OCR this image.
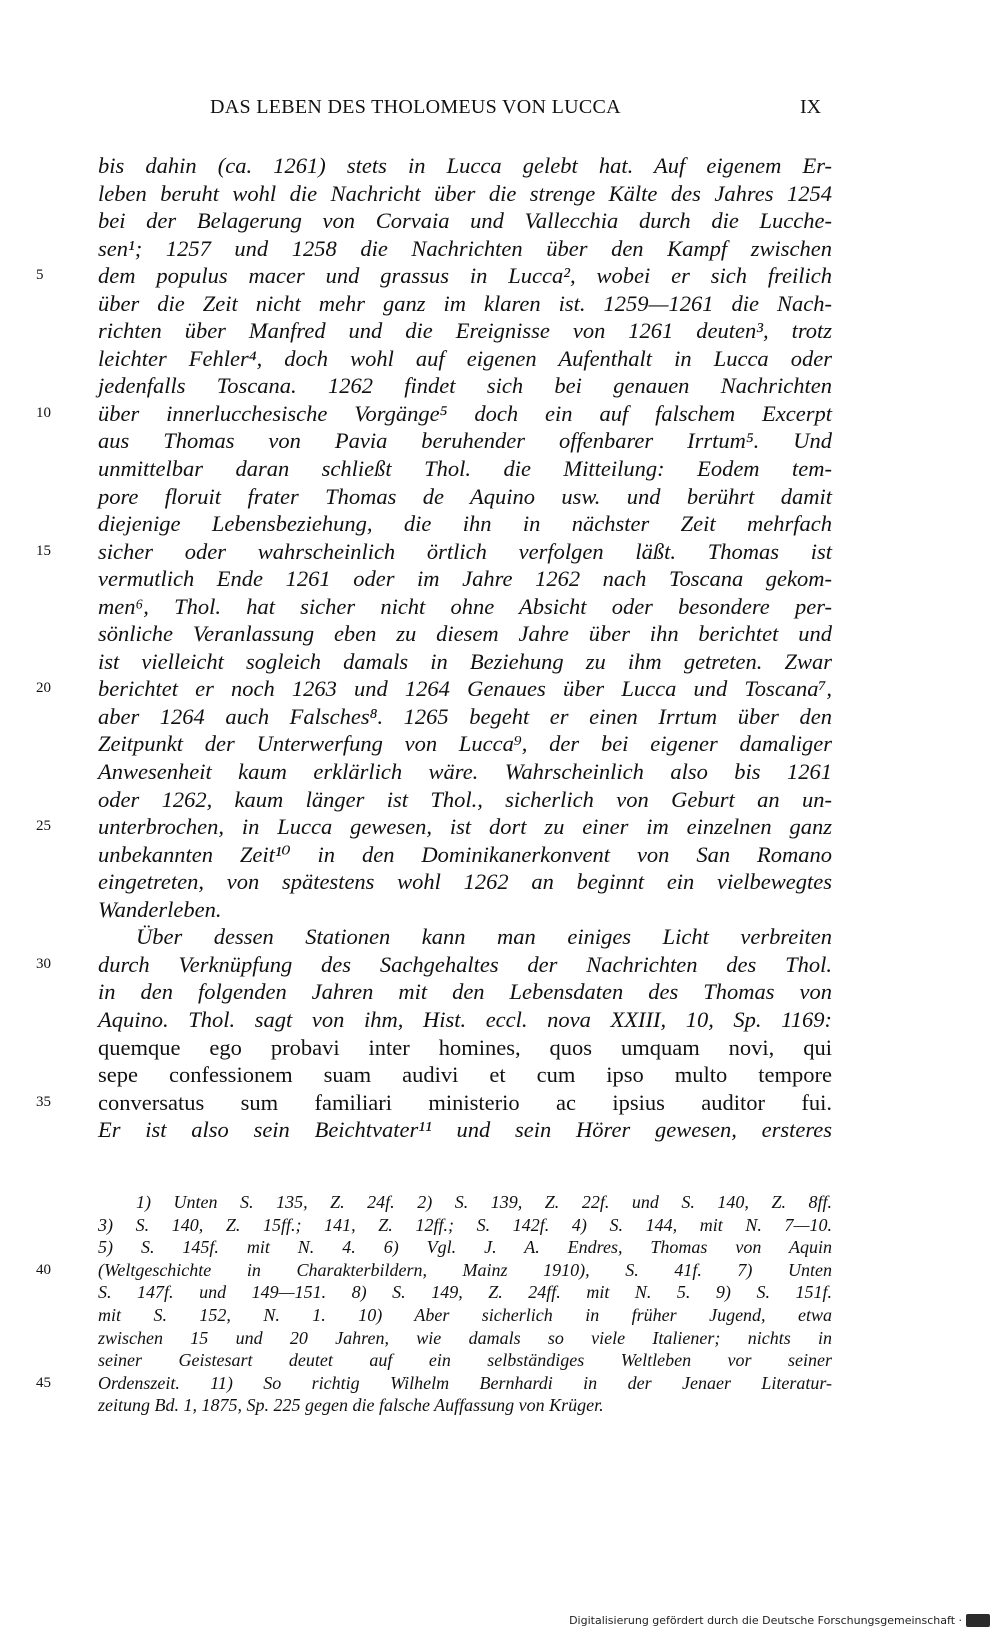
DAS LEBEN DES THOLOMEUS VON LUCCA	IX
bis dahin (ca. 1261) stets in Lucca gelebt hat. Auf eigenem Er-
leben beruht wohl die Nachricht über die strenge Kälte des Jahres 1254
bei der Belagerung von Corvaia und Vallecchia durch die Lucche-
sen¹; 1257 und 1258 die Nachrichten über den Kampf zwischen
5	dem populus macer und grassus in Lucca², wobei er sich freilich
über die Zeit nicht mehr ganz im klaren ist. 1259—1261 die Nach-
richten über Manfred und die Ereignisse von 1261 deuten³, trotz
leichter Fehler⁴, doch wohl auf eigenen Aufenthalt in Lucca oder
jedenfalls Toscana. 1262 findet sich bei genauen Nachrichten
10	über innerlucchesische Vorgänge⁵ doch ein auf falschem Excerpt
aus Thomas von Pavia beruhender offenbarer Irrtum⁵. Und
unmittelbar daran schließt Thol. die Mitteilung: Eodem tem-
pore floruit frater Thomas de Aquino usw. und berührt damit
diejenige Lebensbeziehung, die ihn in nächster Zeit mehrfach
15	sicher oder wahrscheinlich örtlich verfolgen läßt. Thomas ist
vermutlich Ende 1261 oder im Jahre 1262 nach Toscana gekom-
men⁶, Thol. hat sicher nicht ohne Absicht oder besondere per-
sönliche Veranlassung eben zu diesem Jahre über ihn berichtet und
ist vielleicht sogleich damals in Beziehung zu ihm getreten. Zwar
20	berichtet er noch 1263 und 1264 Genaues über Lucca und Toscana⁷,
aber 1264 auch Falsches⁸. 1265 begeht er einen Irrtum über den
Zeitpunkt der Unterwerfung von Lucca⁹, der bei eigener damaliger
Anwesenheit kaum erklärlich wäre. Wahrscheinlich also bis 1261
oder 1262, kaum länger ist Thol., sicherlich von Geburt an un-
25	unterbrochen, in Lucca gewesen, ist dort zu einer im einzelnen ganz
unbekannten Zeit¹⁰ in den Dominikanerkonvent von San Romano
eingetreten, von spätestens wohl 1262 an beginnt ein vielbewegtes
Wanderleben.
Über dessen Stationen kann man einiges Licht verbreiten
30	durch Verknüpfung des Sachgehaltes der Nachrichten des Thol.
in den folgenden Jahren mit den Lebensdaten des Thomas von
Aquino. Thol. sagt von ihm, Hist. eccl. nova XXIII, 10, Sp. 1169:
quemque ego probavi inter homines, quos umquam novi, qui
sepe confessionem suam audivi et cum ipso multo tempore
35	conversatus sum familiari ministerio ac ipsius auditor fui.
Er ist also sein Beichtvater¹¹ und sein Hörer gewesen, ersteres
1) Unten S. 135, Z. 24f. 2) S. 139, Z. 22f. und S. 140, Z. 8ff.
3) S. 140, Z. 15ff.; 141, Z. 12ff.; S. 142f. 4) S. 144, mit N. 7—10.
5) S. 145f. mit N. 4. 6) Vgl. J. A. Endres, Thomas von Aquin
40	(Weltgeschichte in Charakterbildern, Mainz 1910), S. 41f. 7) Unten
S. 147f. und 149—151. 8) S. 149, Z. 24ff. mit N. 5. 9) S. 151f.
mit S. 152, N. 1. 10) Aber sicherlich in früher Jugend, etwa
zwischen 15 und 20 Jahren, wie damals so viele Italiener; nichts in
seiner Geistesart deutet auf ein selbständiges Weltleben vor seiner
45	Ordenszeit. 11) So richtig Wilhelm Bernhardi in der Jenaer Literatur-
zeitung Bd. 1, 1875, Sp. 225 gegen die falsche Auffassung von Krüger.
Digitalisierung gefördert durch die Deutsche Forschungsgemeinschaft ·
